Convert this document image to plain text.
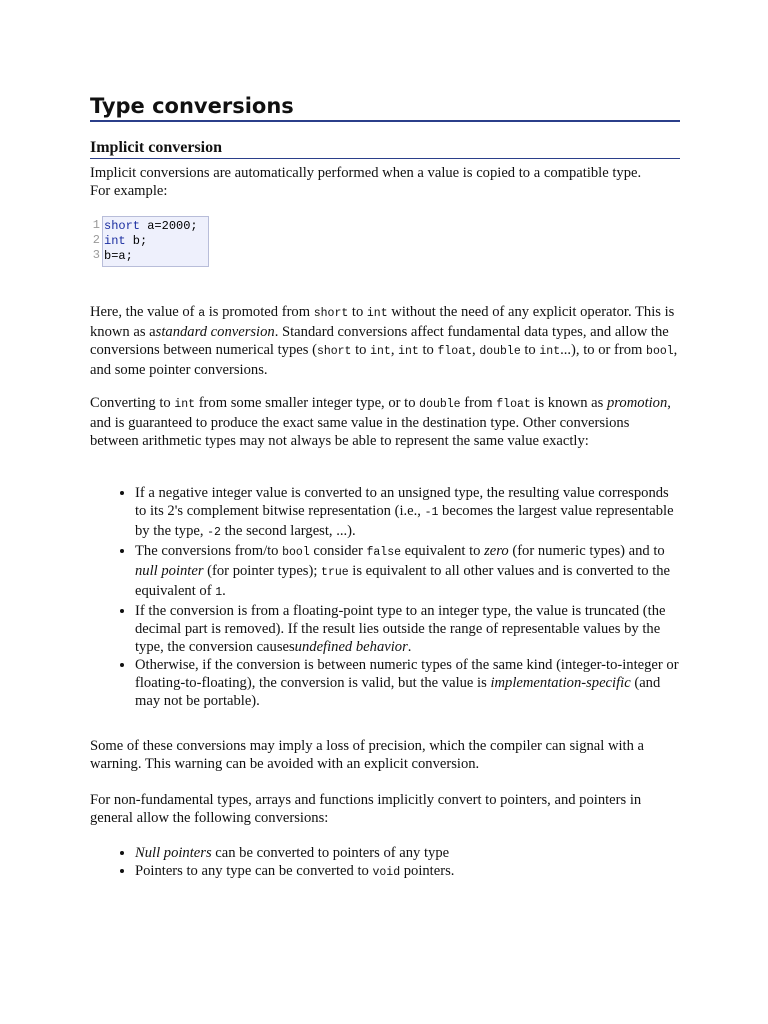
Type conversions
Implicit conversion

Implicit conversions are automatically performed when a value is copied to a compatible type.
For example:

1
2
3
short a=2000;
int b;
b=a;

Here, the value of a is promoted from short to int without the need of any explicit operator. This is known as astandard conversion. Standard conversions affect fundamental data types, and allow the conversions between numerical types (short to int, int to float, double to int...), to or from bool, and some pointer conversions.

Converting to int from some smaller integer type, or to double from float is known as promotion, and is guaranteed to produce the exact same value in the destination type. Other conversions between arithmetic types may not always be able to represent the same value exactly:

• If a negative integer value is converted to an unsigned type, the resulting value corresponds to its 2's complement bitwise representation (i.e., -1 becomes the largest value representable by the type, -2 the second largest, ...).
• The conversions from/to bool consider false equivalent to zero (for numeric types) and to null pointer (for pointer types); true is equivalent to all other values and is converted to the equivalent of 1.
• If the conversion is from a floating-point type to an integer type, the value is truncated (the decimal part is removed). If the result lies outside the range of representable values by the type, the conversion causesundefined behavior.
• Otherwise, if the conversion is between numeric types of the same kind (integer-to-integer or floating-to-floating), the conversion is valid, but the value is implementation-specific (and may not be portable).

Some of these conversions may imply a loss of precision, which the compiler can signal with a warning. This warning can be avoided with an explicit conversion.

For non-fundamental types, arrays and functions implicitly convert to pointers, and pointers in general allow the following conversions:

• Null pointers can be converted to pointers of any type
• Pointers to any type can be converted to void pointers.
